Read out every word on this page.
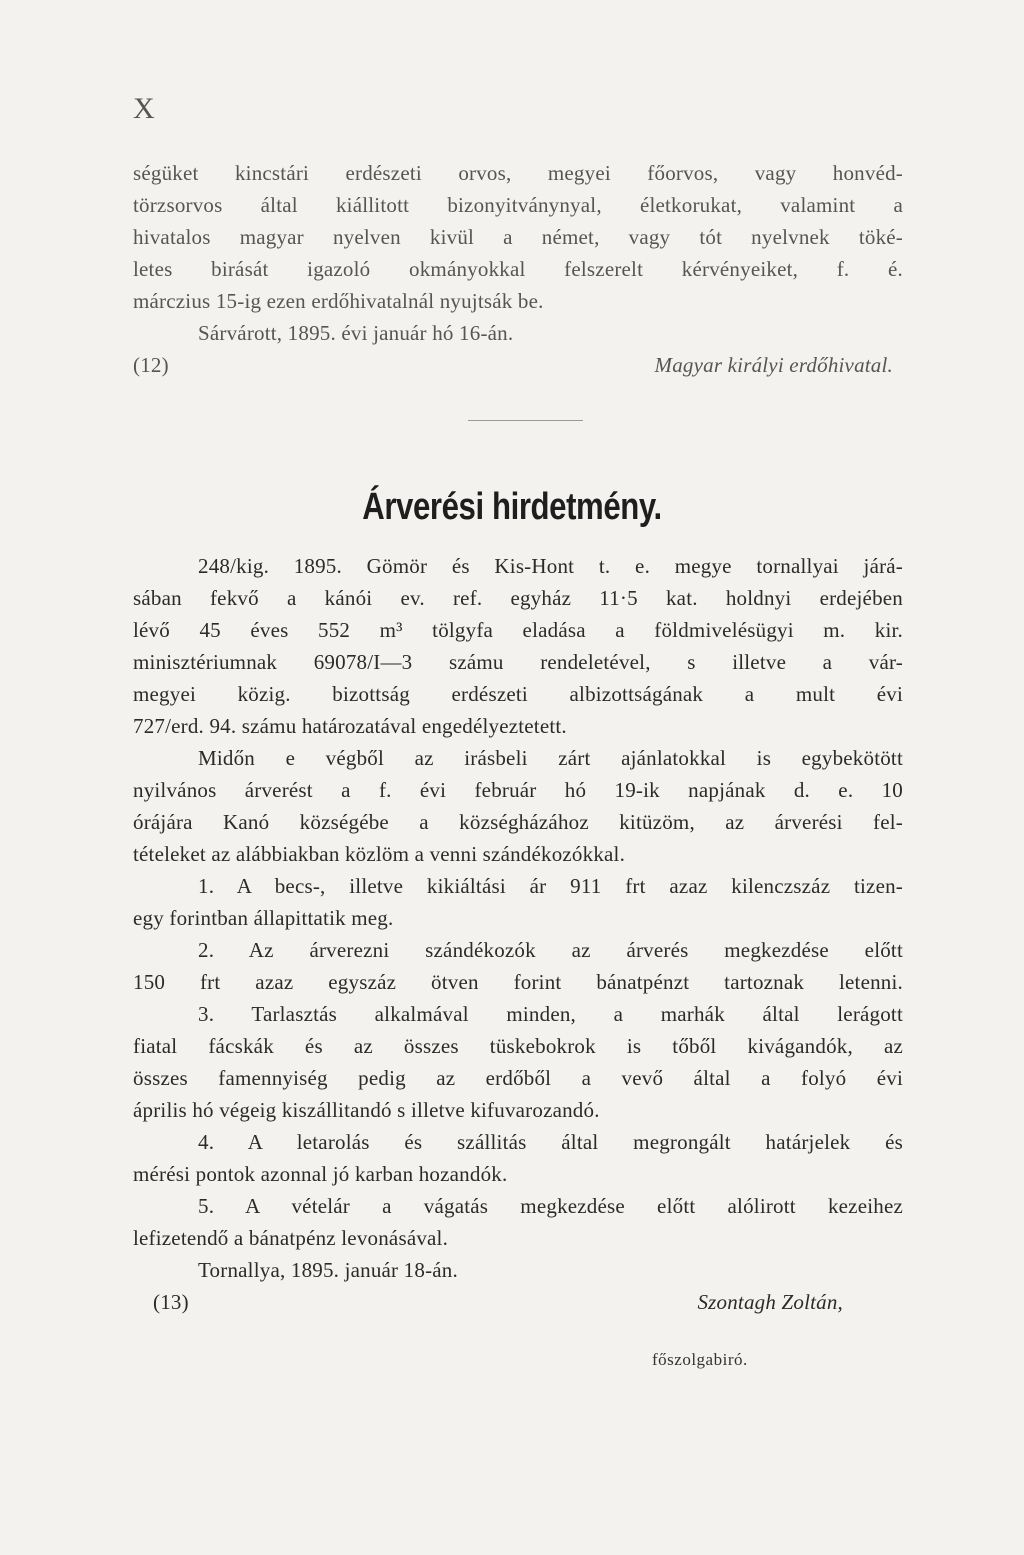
X
ségüket kincstári erdészeti orvos, megyei főorvos, vagy honvéd-
törzsorvos által kiállitott bizonyitványnyal, életkorukat, valamint a
hivatalos magyar nyelven kivül a német, vagy tót nyelvnek töké-
letes birását igazoló okmányokkal felszerelt kérvényeiket, f. é.
márczius 15-ig ezen erdőhivatalnál nyujtsák be.
Sárvárott, 1895. évi január hó 16-án.
(12)	Magyar királyi erdőhivatal.
Árverési hirdetmény.
248/kig. 1895. Gömör és Kis-Hont t. e. megye tornallyai járá-
sában fekvő a kánói ev. ref. egyház 11·5 kat. holdnyi erdejében
lévő 45 éves 552 m³ tölgyfa eladása a földmivelésügyi m. kir.
minisztériumnak 69078/I—3 számu rendeletével, s illetve a vár-
megyei közig. bizottság erdészeti albizottságának a mult évi
727/erd. 94. számu határozatával engedélyeztetett.
Midőn e végből az irásbeli zárt ajánlatokkal is egybekötött
nyilvános árverést a f. évi február hó 19-ik napjának d. e. 10
órájára Kanó községébe a községházához kitüzöm, az árverési fel-
tételeket az alábbiakban közlöm a venni szándékozókkal.
1. A becs-, illetve kikiáltási ár 911 frt azaz kilenczszáz tizen-
egy forintban állapittatik meg.
2. Az árverezni szándékozók az árverés megkezdése előtt
150 frt azaz egyszáz ötven forint bánatpénzt tartoznak letenni.
3. Tarlasztás alkalmával minden, a marhák által lerágott
fiatal fácskák és az összes tüskebokrok is tőből kivágandók, az
összes famennyiség pedig az erdőből a vevő által a folyó évi
április hó végeig kiszállitandó s illetve kifuvarozandó.
4. A letarolás és szállitás által megrongált határjelek és
mérési pontok azonnal jó karban hozandók.
5. A vételár a vágatás megkezdése előtt alólirott kezeihez
lefizetendő a bánatpénz levonásával.
Tornallya, 1895. január 18-án.
(13)	Szontagh Zoltán,
főszolgabiró.
